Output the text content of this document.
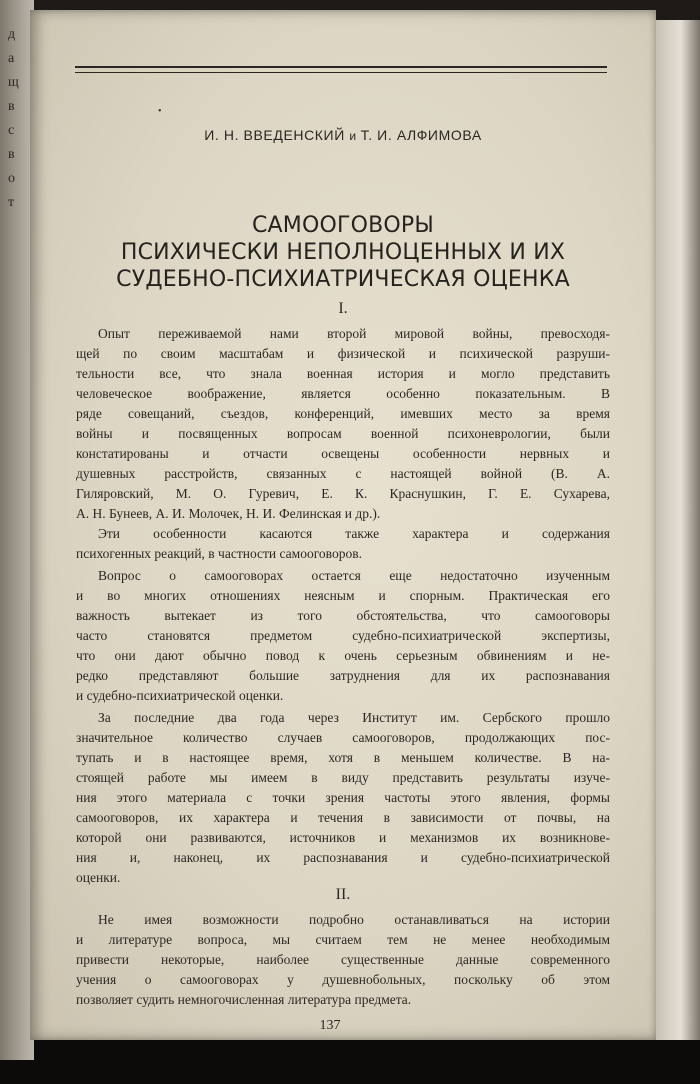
д
а
щ
в
с
в
о
т
•
И. Н. ВВЕДЕНСКИЙ и Т. И. АЛФИМОВА
САМООГОВОРЫ
ПСИХИЧЕСКИ НЕПОЛНОЦЕННЫХ И ИХ
СУДЕБНО-ПСИХИАТРИЧЕСКАЯ ОЦЕНКА
I.
Опыт переживаемой нами второй мировой войны, превосходя-
щей по своим масштабам и физической и психической разруши-
тельности все, что знала военная история и могло представить
человеческое воображение, является особенно показательным. В
ряде совещаний, съездов, конференций, имевших место за время
войны и посвященных вопросам военной психоневрологии, были
констатированы и отчасти освещены особенности нервных и
душевных расстройств, связанных с настоящей войной (В. А.
Гиляровский, М. О. Гуревич, Е. К. Краснушкин, Г. Е. Сухарева,
А. Н. Бунеев, А. И. Молочек, Н. И. Фелинская и др.).
Эти особенности касаются также характера и содержания
психогенных реакций, в частности самооговоров.
Вопрос о самооговорах остается еще недостаточно изученным
и во многих отношениях неясным и спорным. Практическая его
важность вытекает из того обстоятельства, что самооговоры
часто становятся предметом судебно-психиатрической экспертизы,
что они дают обычно повод к очень серьезным обвинениям и не-
редко представляют большие затруднения для их распознавания
и судебно-психиатрической оценки.
За последние два года через Институт им. Сербского прошло
значительное количество случаев самооговоров, продолжающих пос-
тупать и в настоящее время, хотя в меньшем количестве. В на-
стоящей работе мы имеем в виду представить результаты изуче-
ния этого материала с точки зрения частоты этого явления, формы
самооговоров, их характера и течения в зависимости от почвы, на
которой они развиваются, источников и механизмов их возникнове-
ния и, наконец, их распознавания и судебно-психиатрической
оценки.
II.
Не имея возможности подробно останавливаться на истории
и литературе вопроса, мы считаем тем не менее необходимым
привести некоторые, наиболее существенные данные современного
учения о самооговорах у душевнобольных, поскольку об этом
позволяет судить немногочисленная литература предмета.
137
